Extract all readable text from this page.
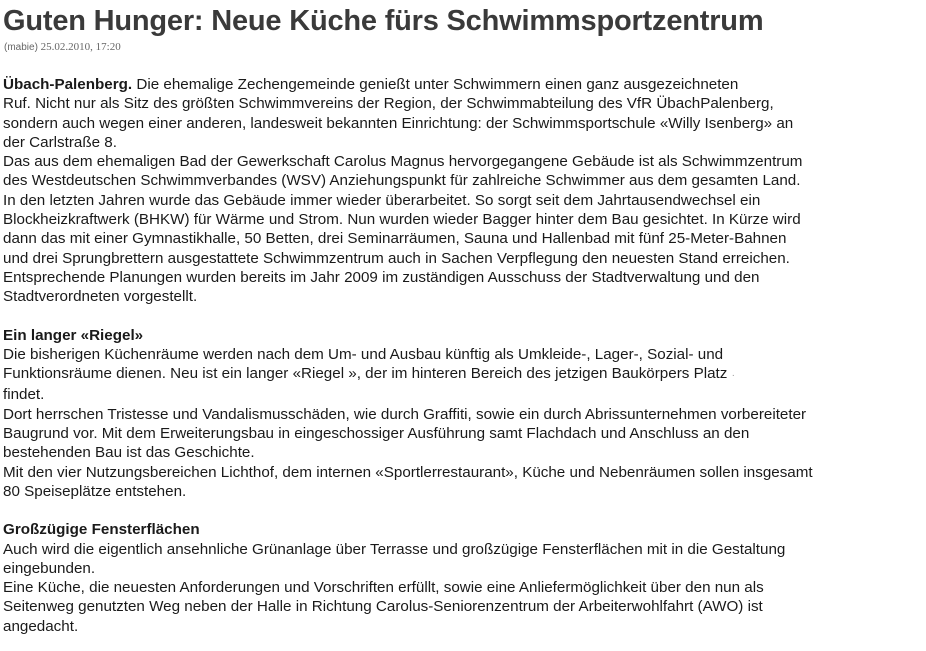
Guten Hunger: Neue Küche fürs Schwimmsportzentrum
(mabie) 25.02.2010, 17:20
Übach-Palenberg. Die ehemalige Zechengemeinde genießt unter Schwimmern einen ganz ausgezeichneten
Ruf. Nicht nur als Sitz des größten Schwimmvereins der Region, der Schwimmabteilung des VfR ÜbachPalenberg,
sondern auch wegen einer anderen, landesweit bekannten Einrichtung: der Schwimmsportschule «Willy Isenberg» an
der Carlstraße 8.
Das aus dem ehemaligen Bad der Gewerkschaft Carolus Magnus hervorgegangene Gebäude ist als Schwimmzentrum
des Westdeutschen Schwimmverbandes (WSV) Anziehungspunkt für zahlreiche Schwimmer aus dem gesamten Land.
In den letzten Jahren wurde das Gebäude immer wieder überarbeitet. So sorgt seit dem Jahrtausendwechsel ein
Blockheizkraftwerk (BHKW) für Wärme und Strom. Nun wurden wieder Bagger hinter dem Bau gesichtet. In Kürze wird
dann das mit einer Gymnastikhalle, 50 Betten, drei Seminarräumen, Sauna und Hallenbad mit fünf 25-Meter-Bahnen
und drei Sprungbrettern ausgestattete Schwimmzentrum auch in Sachen Verpflegung den neuesten Stand erreichen.
Entsprechende Planungen wurden bereits im Jahr 2009 im zuständigen Ausschuss der Stadtverwaltung und den
Stadtverordneten vorgestellt.
Ein langer «Riegel»
Die bisherigen Küchenräume werden nach dem Um- und Ausbau künftig als Umkleide-, Lager-, Sozial- und
Funktionsräume dienen. Neu ist ein langer «Riegel », der im hinteren Bereich des jetzigen Baukörpers Platz ·
findet.
Dort herrschen Tristesse und Vandalismusschäden, wie durch Graffiti, sowie ein durch Abrissunternehmen vorbereiteter
Baugrund vor. Mit dem Erweiterungsbau in eingeschossiger Ausführung samt Flachdach und Anschluss an den
bestehenden Bau ist das Geschichte.
Mit den vier Nutzungsbereichen Lichthof, dem internen «Sportlerrestaurant», Küche und Nebenräumen sollen insgesamt
80 Speiseplätze entstehen.
Großzügige Fensterflächen
Auch wird die eigentlich ansehnliche Grünanlage über Terrasse und großzügige Fensterflächen mit in die Gestaltung
eingebunden.
Eine Küche, die neuesten Anforderungen und Vorschriften erfüllt, sowie eine Anliefermöglichkeit über den nun als
Seitenweg genutzten Weg neben der Halle in Richtung Carolus-Seniorenzentrum der Arbeiterwohlfahrt (AWO) ist
angedacht.
